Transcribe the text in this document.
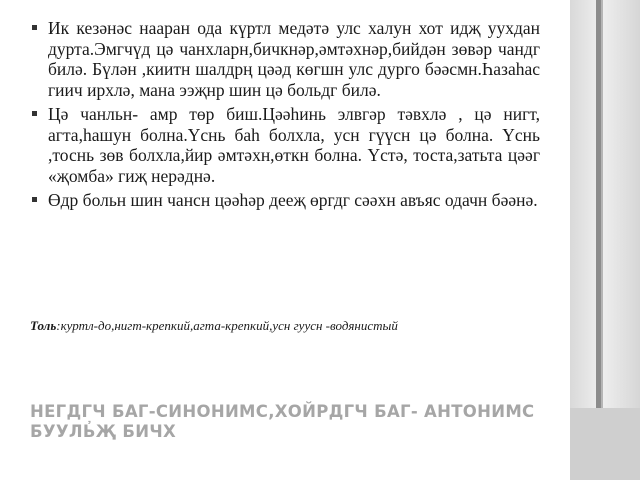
Ик кезәнәс нааран ода күртл медәтә улс халун хот идҗ уухдан дурта.Эмгчүд цә чанхларн,бичкнәр,әмтәхнәр,бийдән зөвәр чандг билә. Бүлән ,киитн шалдрң цәәд көгшн улс дурго бәәсмн.Һазаһас гиич ирхлә, мана ээҗнр шин цә больдг билә.
Цә чанльн- амр төр биш.Цәәһинь элвгәр тәвхлә , цә нигт, агта,һашун болна.Үснь баһ болхла, усн гүүсн цә болна. Үснь ,тоснь зөв болхла,йир әмтәхн,өткн болна. Үстә, тоста,затьта цәәг «җомба» гиҗ нерәднә.
Өдр больн шин чансн цәәһәр дееҗ өргдг сәәхн авъяс одачн бәәнә.
Толь:куртл-до,нигт-крепкий,агта-крепкий,усн гуусн -водянистый
НЕГДГЧ БАГ-СИНОНИМС,ХОЙРДГЧ БАГ- АНТОНИМС БУУЛЬ҆Җ БИЧХ
